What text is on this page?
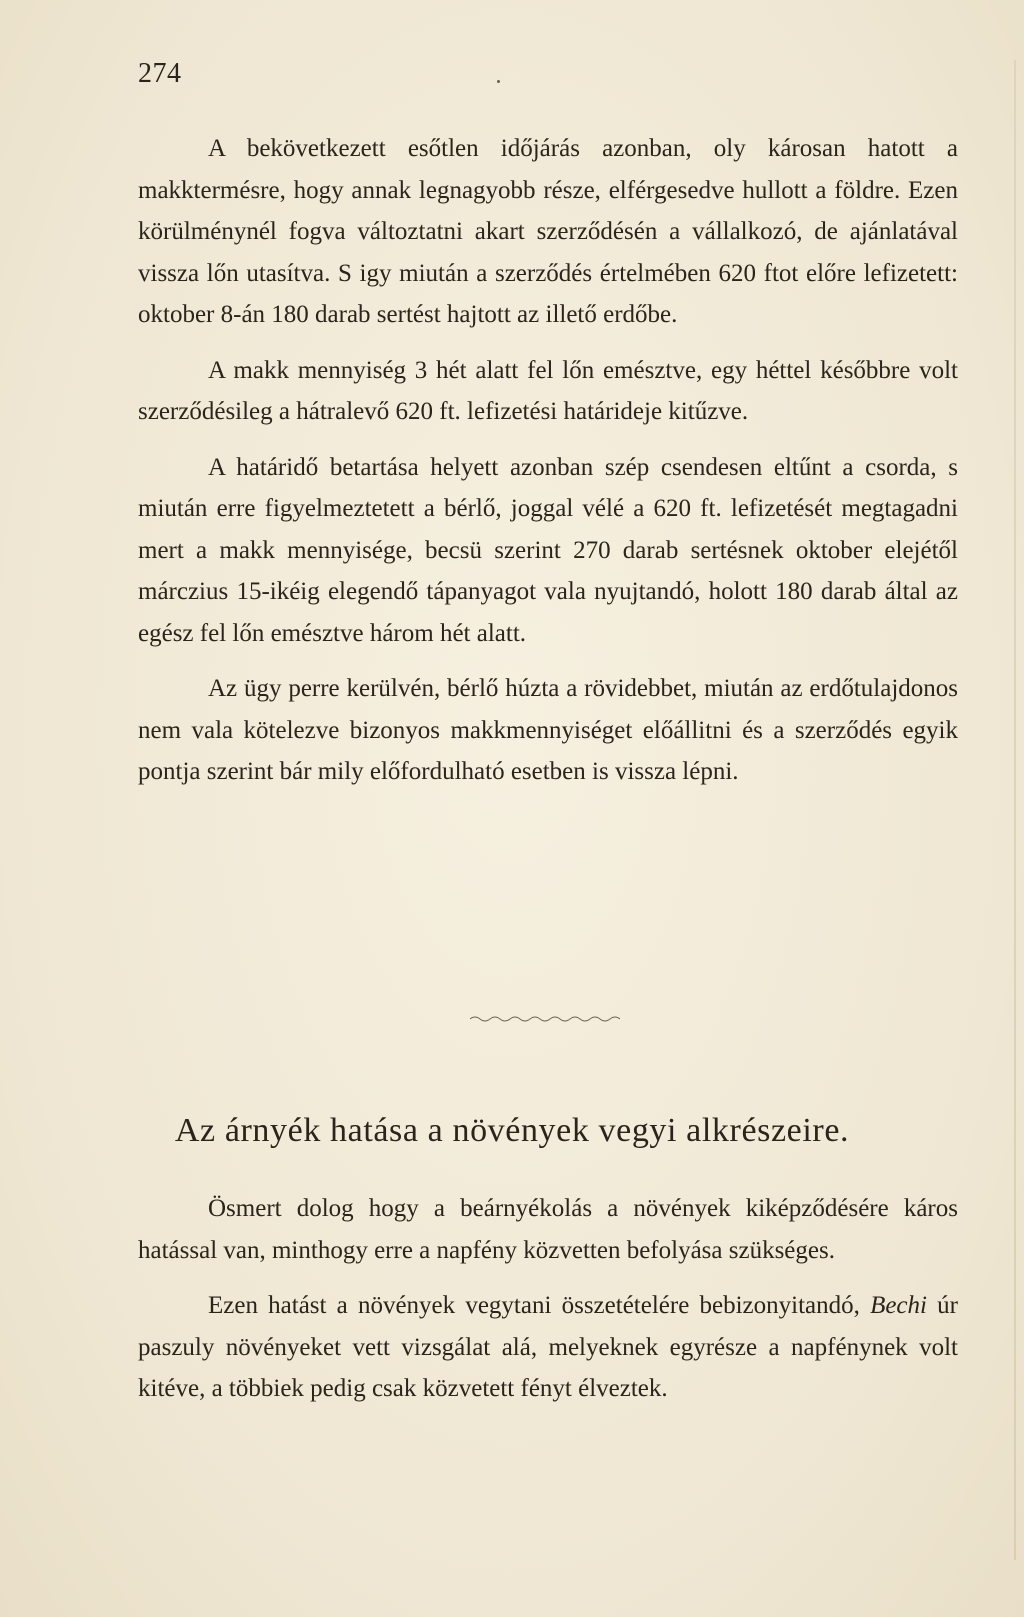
274

A bekövetkezett esőtlen időjárás azonban, oly károsan hatott a makktermésre, hogy annak legnagyobb része, elférgesedve hullott a földre. Ezen körülménynél fogva változtatni akart szerződésén a vállalkozó, de ajánlatával vissza lőn utasítva. S igy miután a szerződés értelmében 620 ftot előre lefizetett: oktober 8-án 180 darab sertést hajtott az illető erdőbe.

A makk mennyiség 3 hét alatt fel lőn emésztve, egy héttel későbbre volt szerződésileg a hátralevő 620 ft. lefizetési határideje kitűzve.

A határidő betartása helyett azonban szép csendesen eltűnt a csorda, s miután erre figyelmeztetett a bérlő, joggal vélé a 620 ft. lefizetését megtagadni mert a makk mennyisége, becsü szerint 270 darab sertésnek oktober elejétől márczius 15-ikéig elegendő tápanyagot vala nyujtandó, holott 180 darab által az egész fel lőn emésztve három hét alatt.

Az ügy perre kerülvén, bérlő húzta a rövidebbet, miután az erdőtulajdonos nem vala kötelezve bizonyos makkmennyiséget előállitni és a szerződés egyik pontja szerint bár mily előfordulható esetben is vissza lépni.

Az árnyék hatása a növények vegyi alkrészeire.

Ösmert dolog hogy a beárnyékolás a növények kiképződésére káros hatással van, minthogy erre a napfény közvetten befolyása szükséges.

Ezen hatást a növények vegytani összetételére bebizonyitandó, Bechi úr paszuly növényeket vett vizsgálat alá, melyeknek egyrésze a napfénynek volt kitéve, a többiek pedig csak közvetett fényt élveztek.
